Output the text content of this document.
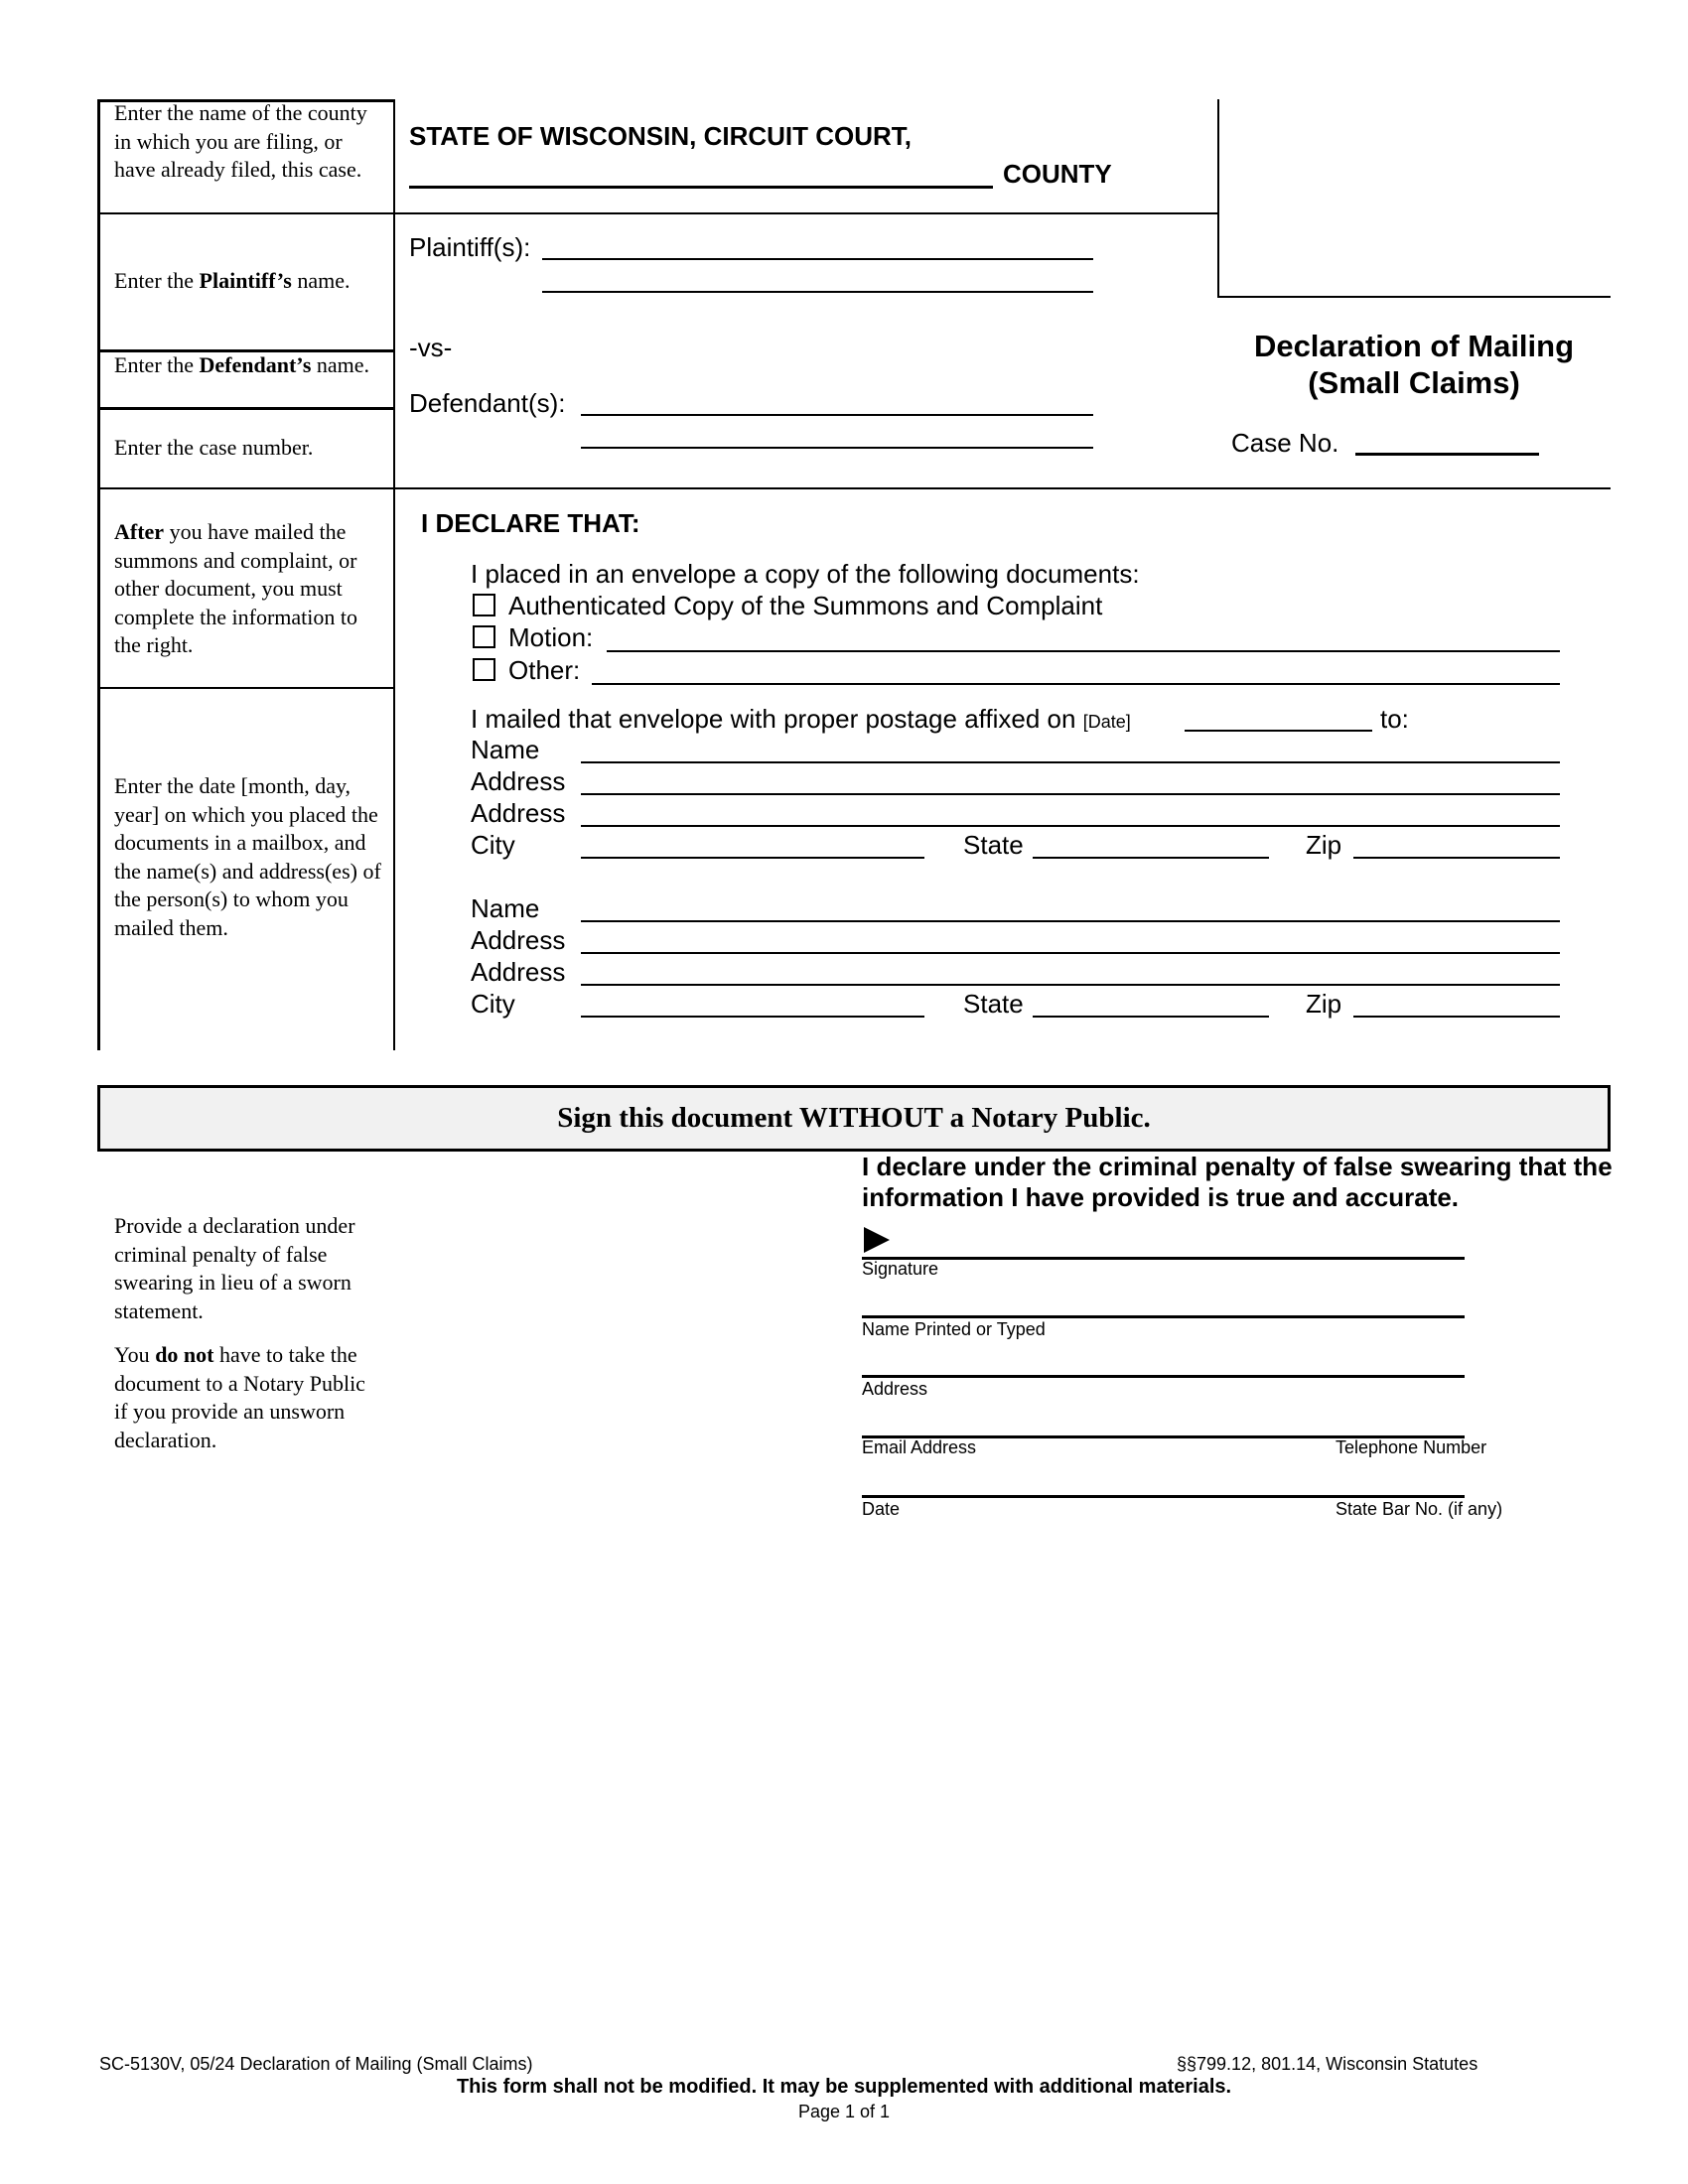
Enter the name of the county in which you are filing, or have already filed, this case.
Enter the Plaintiff’s name.
Enter the Defendant’s name.
Enter the case number.
After you have mailed the summons and complaint, or other document, you must complete the information to the right.
Enter the date [month, day, year] on which you placed the documents in a mailbox, and the name(s) and address(es) of the person(s) to whom you mailed them.
STATE OF WISCONSIN, CIRCUIT COURT,
COUNTY
Plaintiff(s):
-vs-
Defendant(s):
Declaration of Mailing
(Small Claims)
Case No.
I DECLARE THAT:
I placed in an envelope a copy of the following documents:
Authenticated Copy of the Summons and Complaint
Motion:
Other:
I mailed that envelope with proper postage affixed on [Date]	to:
Name
Address
Address
City	State	Zip
Name
Address
Address
City	State	Zip
Sign this document WITHOUT a Notary Public.
Provide a declaration under criminal penalty of false swearing in lieu of a sworn statement.
You do not have to take the document to a Notary Public if you provide an unsworn declaration.
I declare under the criminal penalty of false swearing that the information I have provided is true and accurate.
Signature
Name Printed or Typed
Address
Email Address	Telephone Number
Date	State Bar No. (if any)
SC-5130V, 05/24 Declaration of Mailing (Small Claims)	§§799.12, 801.14, Wisconsin Statutes
This form shall not be modified. It may be supplemented with additional materials.
Page 1 of 1
